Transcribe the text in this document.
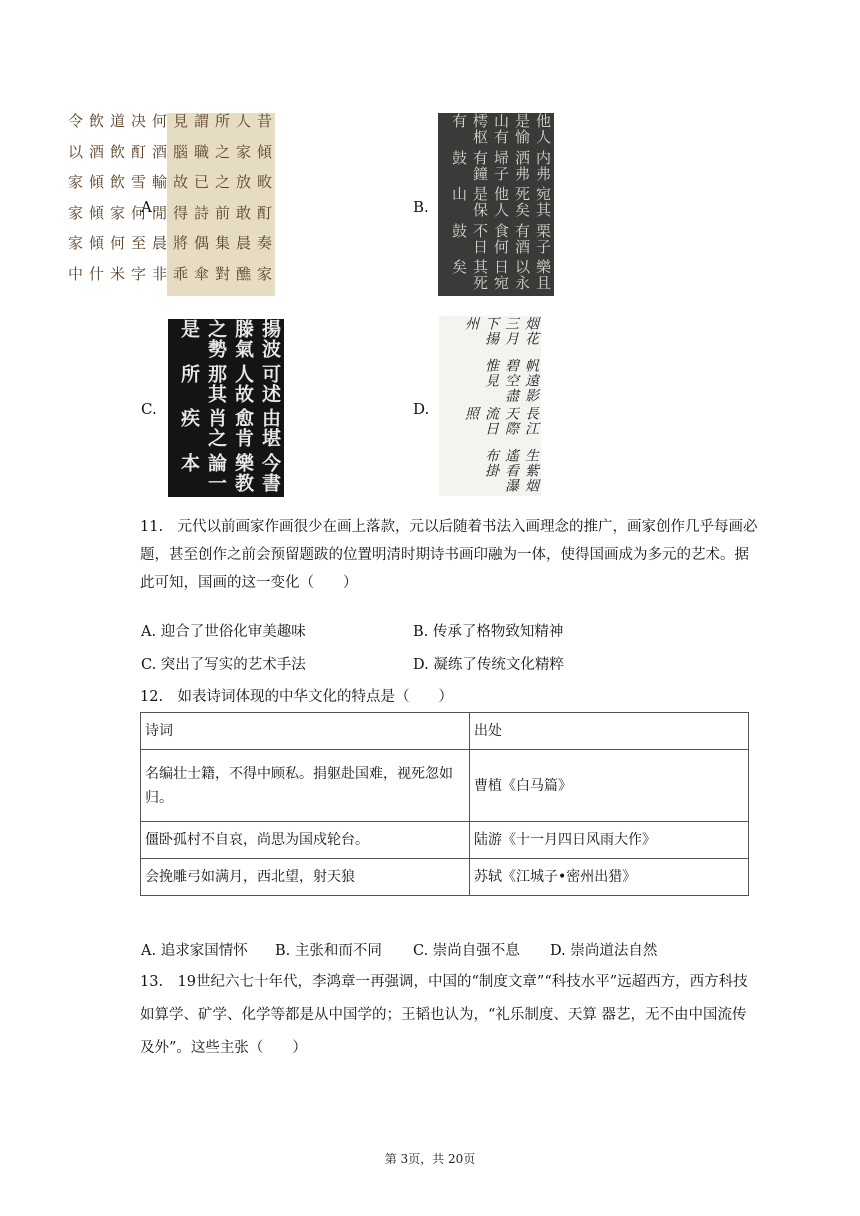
A.
昔人所謂見何决道飲令
傾家之職腦酒酊飲酒以
畋放之已故輸雪飲傾家
酊敢前詩得閒何家傾家
奏晨集偶將晨至何傾家
家醮對傘乖非字米什中
B.
他人是愉山有樗枢有
内弗洒弗埽子有鐘鼓
宛其死矣他人是保山
栗子有酒食何不日鼓
樂且以永日宛其死矣
C.
揚波滕氣之勢是
可述人故那其所
由堪愈肯肖之疾
今書樂教論一本
D.
烟花三月下揚州
帆遠影碧空盡惟見
長江天際流日照
生紫烟遙看瀑布掛
11.　元代以前画家作画很少在画上落款，元以后随着书法入画理念的推广，画家创作几乎每画必题，甚至创作之前会预留题跋的位置明清时期诗书画印融为一体，使得国画成为多元的艺术。据此可知，国画的这一变化（　　）
A. 迎合了世俗化审美趣味	B. 传承了格物致知精神
C. 突出了写实的艺术手法	D. 凝练了传统文化精粹
12.　如表诗词体现的中华文化的特点是（　　）
诗词	出处
名编壮士籍，不得中顾私。捐躯赴国难，视死忽如归。	曹植《白马篇》
僵卧孤村不自哀，尚思为国戍轮台。	陆游《十一月四日风雨大作》
会挽雕弓如满月，西北望，射天狼	苏轼《江城子•密州出猎》
A. 追求家国情怀 B. 主张和而不同 C. 崇尚自强不息 D. 崇尚道法自然
13.　19世纪六七十年代，李鸿章一再强调，中国的“制度文章”“科技水平”远超西方，西方科技如算学、矿学、化学等都是从中国学的；王韬也认为，“礼乐制度、天算 器艺，无不由中国流传及外”。这些主张（　　）
第 3页，共 20页
